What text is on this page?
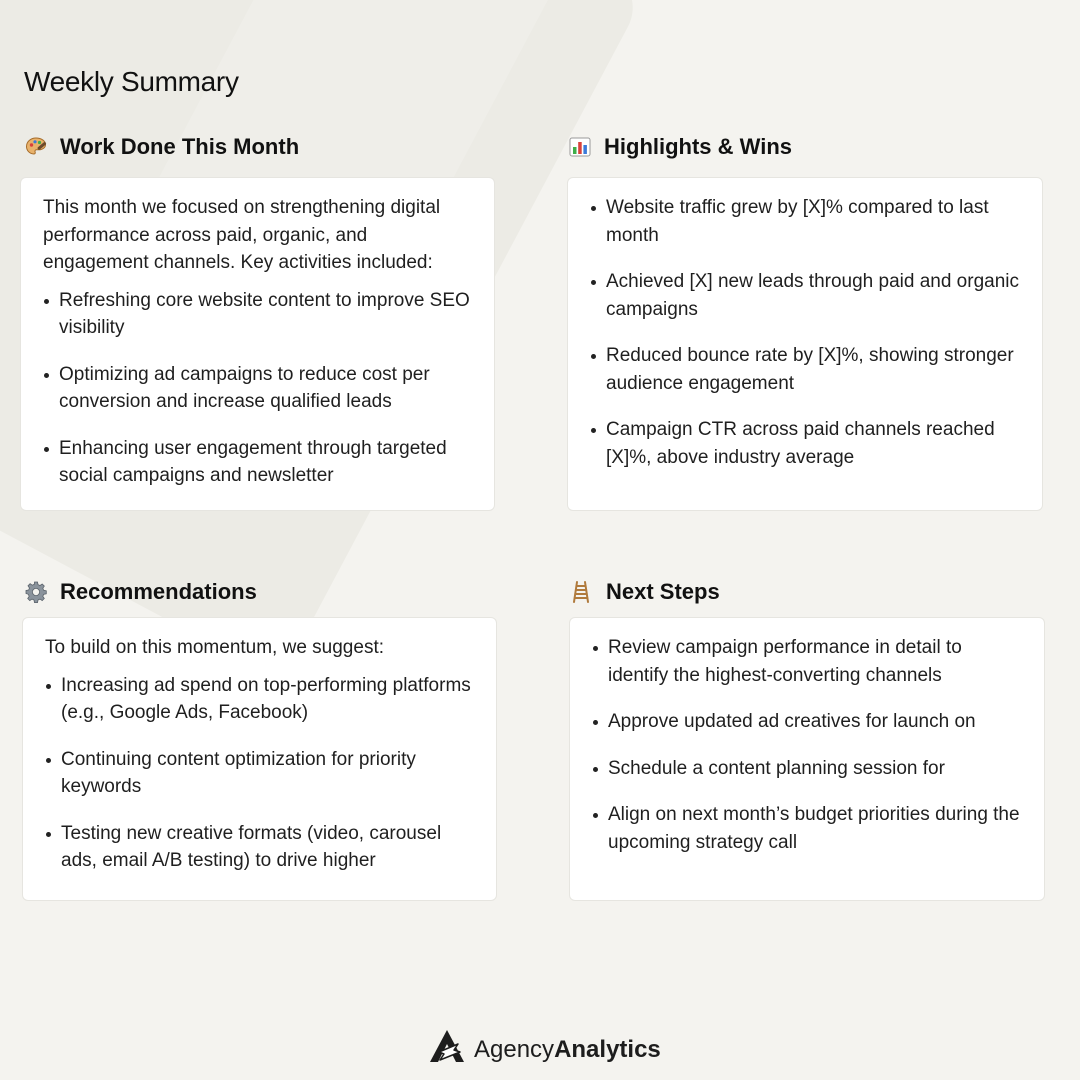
Weekly Summary
Work Done This Month

This month we focused on strengthening digital performance across paid, organic, and engagement channels. Key activities included:

Refreshing core website content to improve SEO visibility
Optimizing ad campaigns to reduce cost per conversion and increase qualified leads
Enhancing user engagement through targeted social campaigns and newsletter
Highlights & Wins
Website traffic grew by [X]% compared to last month
Achieved [X] new leads through paid and organic campaigns
Reduced bounce rate by [X]%, showing stronger audience engagement
Campaign CTR across paid channels reached [X]%, above industry average
Recommendations

To build on this momentum, we suggest:

Increasing ad spend on top-performing platforms (e.g., Google Ads, Facebook)
Continuing content optimization for priority keywords
Testing new creative formats (video, carousel ads, email A/B testing) to drive higher
Next Steps
Review campaign performance in detail to identify the highest-converting channels
Approve updated ad creatives for launch on
Schedule a content planning session for
Align on next month’s budget priorities during the upcoming strategy call
AgencyAnalytics
